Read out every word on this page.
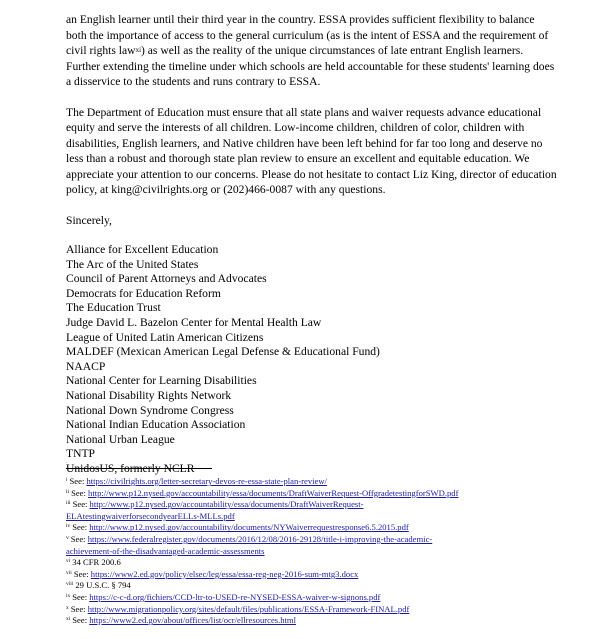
an English learner until their third year in the country. ESSA provides sufficient flexibility to balance

both the importance of access to the general curriculum (as is the intent of ESSA and the requirement of

civil rights law$^{xi}$) as well as the reality of the unique circumstances of late entrant English learners.

Further extending the timeline under which schools are held accountable for these students' learning does

a disservice to the students and runs contrary to ESSA.

The Department of Education must ensure that all state plans and waiver requests advance educational

equity and serve the interests of all children. Low-income children, children of color, children with

disabilities, English learners, and Native children have been left behind for far too long and deserve no

less than a robust and thorough state plan review to ensure an excellent and equitable education. We

appreciate your attention to our concerns. Please do not hesitate to contact Liz King, director of education

policy, at king@civilrights.org or (202)466-0087 with any questions.

Sincerely,

Alliance for Excellent Education
The Arc of the United States
Council of Parent Attorneys and Advocates
Democrats for Education Reform
The Education Trust
Judge David L. Bazelon Center for Mental Health Law
League of United Latin American Citizens
MALDEF (Mexican American Legal Defense & Educational Fund)
NAACP
National Center for Learning Disabilities
National Disability Rights Network
National Down Syndrome Congress
National Indian Education Association
National Urban League
TNTP
UnidosUS, formerly NCLR
$^i$ See: https://civilrights.org/letter-secretary-devos-re-essa-state-plan-review/
$^{ii}$ See: http://www.p12.nysed.gov/accountability/essa/documents/DraftWaiverRequest-OffgradetestingforSWD.pdf
$^{iii}$ See: http://www.p12.nysed.gov/accountability/essa/documents/DraftWaiverRequest-
ELAtestingwaiverforsecondyearELLs-MLLs.pdf
$^{iv}$ See: http://www.p12.nysed.gov/accountability/documents/NYWaiverrequestresponse6.5.2015.pdf
$^v$ See: https://www.federalregister.gov/documents/2016/12/08/2016-29128/title-i-improving-the-academic-
achievement-of-the-disadvantaged-academic-assessments
$^{vi}$ 34 CFR 200.6
$^{vii}$ See: https://www2.ed.gov/policy/elsec/leg/essa/essa-reg-neg-2016-sum-mtg3.docx
$^{viii}$ 29 U.S.C. § 794
$^{ix}$ See: https://c-c-d.org/fichiers/CCD-ltr-to-USED-re-NYSED-ESSA-waiver-w-signons.pdf
$^x$ See: http://www.migrationpolicy.org/sites/default/files/publications/ESSA-Framework-FINAL.pdf
$^{xi}$ See: https://www2.ed.gov/about/offices/list/ocr/ellresources.html
